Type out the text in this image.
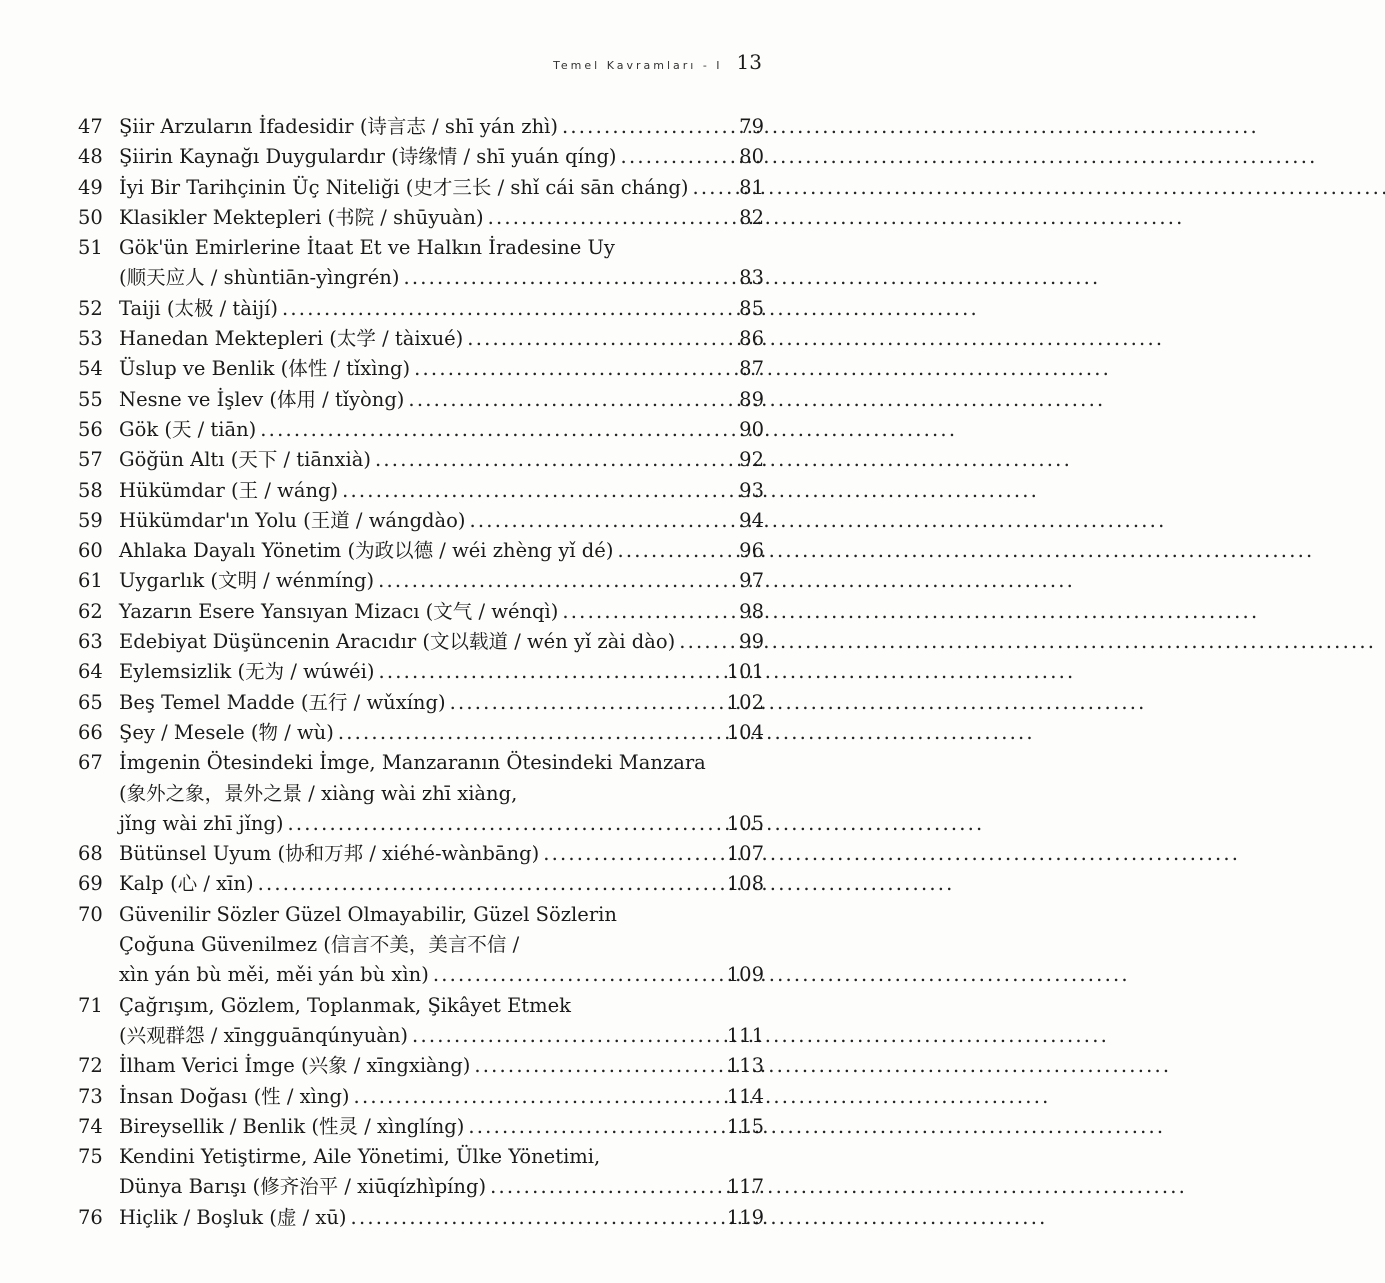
Temel Kavramları - I 13
47 Şiir Arzuların İfadesidir (诗言志 / shī yán zhì) . . .	79
48 Şiirin Kaynağı Duygulardır (诗缘情 / shī yuán qíng) . . .	80
49 İyi Bir Tarihçinin Üç Niteliği (史才三长 / shǐ cái sān cháng) . . .	81
50 Klasikler Mektepleri (书院 / shūyuàn) . . .	82
51 Gök'ün Emirlerine İtaat Et ve Halkın İradesine Uy
(顺天应人 / shùntiān-yìngrén) . . .	83
52 Taiji (太极 / tàijí) . . .	85
53 Hanedan Mektepleri (太学 / tàixué) . . .	86
54 Üslup ve Benlik (体性 / tǐxìng) . . .	87
55 Nesne ve İşlev (体用 / tǐyòng) . . .	89
56 Gök (天 / tiān) . . .	90
57 Göğün Altı (天下 / tiānxià) . . .	92
58 Hükümdar (王 / wáng) . . .	93
59 Hükümdar'ın Yolu (王道 / wángdào) . . .	94
60 Ahlaka Dayalı Yönetim (为政以德 / wéi zhèng yǐ dé) . . .	96
61 Uygarlık (文明 / wénmíng) . . .	97
62 Yazarın Esere Yansıyan Mizacı (文气 / wénqì) . . .	98
63 Edebiyat Düşüncenin Aracıdır (文以载道 / wén yǐ zài dào) . . .	99
64 Eylemsizlik (无为 / wúwéi) . . .	101
65 Beş Temel Madde (五行 / wǔxíng) . . .	102
66 Şey / Mesele (物 / wù) . . .	104
67 İmgenin Ötesindeki İmge, Manzaranın Ötesindeki Manzara
(象外之象，景外之景 / xiàng wài zhī xiàng,
jǐng wài zhī jǐng) . . .	105
68 Bütünsel Uyum (协和万邦 / xiéhé-wànbāng) . . .	107
69 Kalp (心 / xīn) . . .	108
70 Güvenilir Sözler Güzel Olmayabilir, Güzel Sözlerin
Çoğuna Güvenilmez (信言不美，美言不信 /
xìn yán bù měi, měi yán bù xìn) . . .	109
71 Çağrışım, Gözlem, Toplanmak, Şikâyet Etmek
(兴观群怨 / xīngguānqúnyuàn) . . .	111
72 İlham Verici İmge (兴象 / xīngxiàng) . . .	113
73 İnsan Doğası (性 / xìng) . . .	114
74 Bireysellik / Benlik (性灵 / xìnglíng) . . .	115
75 Kendini Yetiştirme, Aile Yönetimi, Ülke Yönetimi,
Dünya Barışı (修齐治平 / xiūqízhìpíng) . . .	117
76 Hiçlik / Boşluk (虚 / xū) . . .	119
